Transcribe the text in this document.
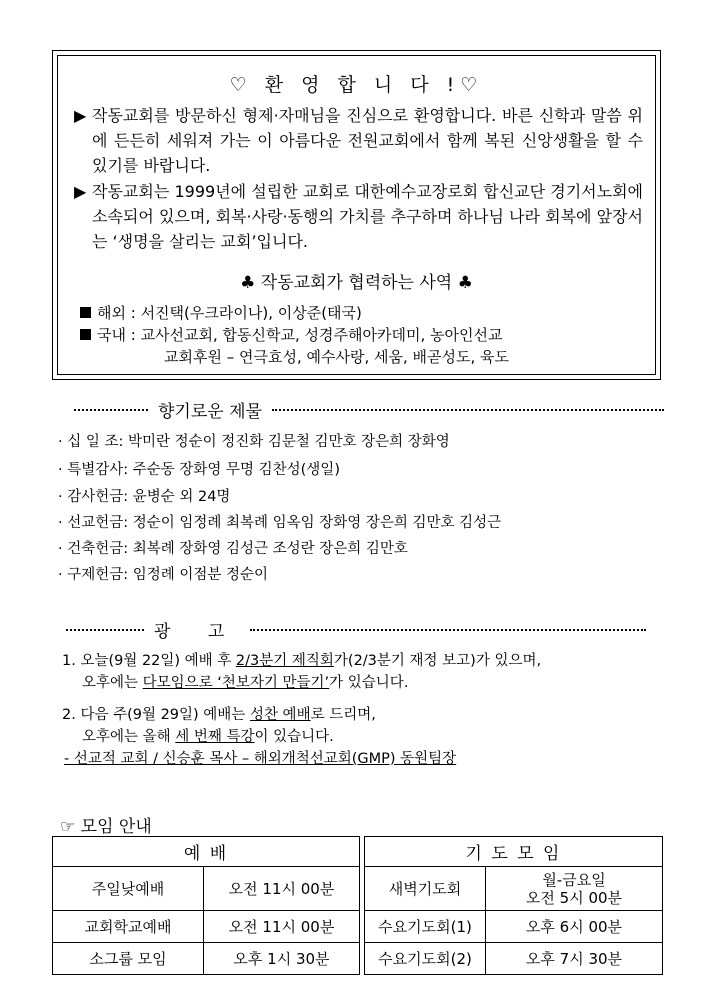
♡ 환 영 합 니 다 !♡
▶ 작동교회를 방문하신 형제·자매님을 진심으로 환영합니다. 바른 신학과 말씀 위에 든든히 세워져 가는 이 아름다운 전원교회에서 함께 복된 신앙생활을 할 수 있기를 바랍니다.
▶ 작동교회는 1999년에 설립한 교회로 대한예수교장로회 합신교단 경기서노회에 소속되어 있으며, 회복·사랑·동행의 가치를 추구하며 하나님 나라 회복에 앞장서는 ‘생명을 살리는 교회’입니다.
♣ 작동교회가 협력하는 사역 ♣
해외 : 서진택(우크라이나), 이상준(태국)
국내 : 교사선교회, 합동신학교, 성경주해아카데미, 농아인선교
교회후원 – 연극효성, 예수사랑, 세움, 배곧성도, 육도
향기로운 제물
· 십 일 조: 박미란 정순이 정진화 김문철 김만호 장은희 장화영
· 특별감사: 주순동 장화영 무명 김찬성(생일)
· 감사헌금: 윤병순 외 24명
· 선교헌금: 정순이 임정례 최복례 임옥임 장화영 장은희 김만호 김성근
· 건축헌금: 최복례 장화영 김성근 조성란 장은희 김만호
· 구제헌금: 임정례 이점분 정순이
광 고
1. 오늘(9월 22일) 예배 후 2/3분기 제직회가(2/3분기 재정 보고)가 있으며,
오후에는 다모임으로 ‘천보자기 만들기’가 있습니다.
2. 다음 주(9월 29일) 예배는 성찬 예배로 드리며,
오후에는 올해 세 번째 특강이 있습니다.
- 선교적 교회 / 신승훈 목사 – 해외개척선교회(GMP) 동원팀장
☞ 모임 안내
예 배			기 도 모 임	
주일낮예배	오전 11시 00분		새벽기도회	월-금요일
오전 5시 00분

교회학교예배	오전 11시 00분		수요기도회(1)	오후 6시 00분
소그룹 모임	오후 1시 30분		수요기도회(2)	오후 7시 30분
